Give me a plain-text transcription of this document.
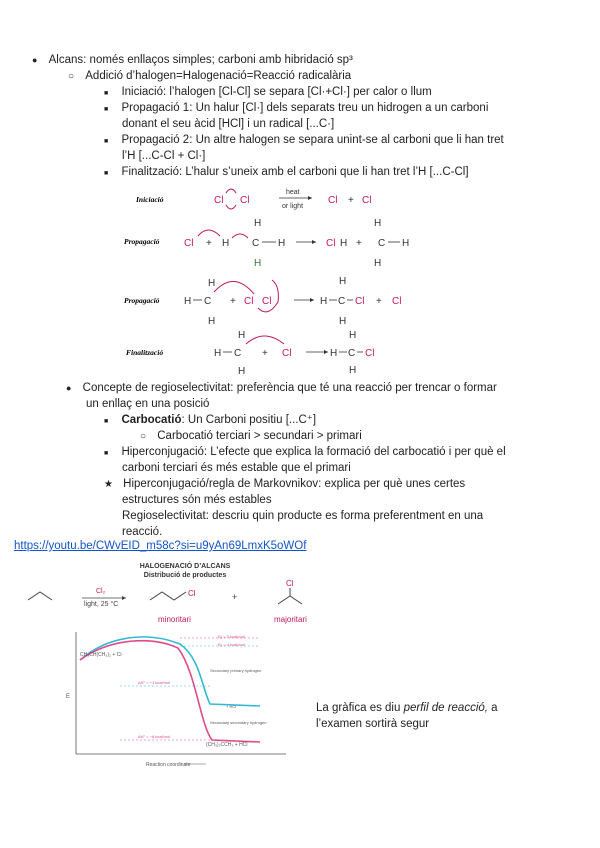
● Alcans: només enllaços simples; carboni amb hibridació sp³
○ Addició d’halogen=Halogenació=Reacció radicalària
■ Iniciació: l’halogen [Cl-Cl] se separa [Cl·+Cl·] per calor o llum
■ Propagació 1: Un halur [Cl·] dels separats treu un hidrogen a un carboni
donant el seu àcid [HCl] i un radical [...C·]
■ Propagació 2: Un altre halogen se separa unint-se al carboni que li han tret
l’H [...C-Cl + Cl·]
■ Finalització: L’halur s’uneix amb el carboni que li han tret l’H [...C-Cl]
Iniciació
Propagació
Propagació
Finalització
Cl Cl
heat
or light
Cl + Cl
Cl + H C
H
H
H	Cl H + C
H
H
H
H C
H
H
+ Cl Cl	H C
H
H
Cl + Cl
H C
H
H
+ Cl	H C
H
H
Cl
● Concepte de regioselectivitat: preferència que té una reacció per trencar o formar
un enllaç en una posició
■ Carbocatió: Un Carboni positiu [...C⁺]
○ Carbocatió terciari > secundari > primari
■ Hiperconjugació: L’efecte que explica la formació del carbocatió i per què el
carboni terciari és més estable que el primari
★ Hiperconjugació/regla de Markovnikov: explica per què unes certes
estructures són més estables
Regioselectivitat: descriu quin producte es forma preferentment en una
reacció.
https://youtu.be/CWvEID_m58c?si=u9yAn69LmxK5oWOf
HALOGENACIÓ D’ALCANS
Distribució de productes
Cl₂
light, 25 °C
Cl	+
Cl
minoritari	majoritari
E
Reaction coordinate
CH₃CH(CH₃)₂ + Cl·
Eₐ = 3 kcal/mol
Eₐ = 4 kcal/mol
Secondary primary hydrogen
Secondary secondary hydrogen
ΔH° = +1 kcal/mol
ΔH° = −8 kcal/mol
+ HCl
(CH₃)₂CCH₃ + HCl
La gràfica es diu perfil de reacció, a
l’examen sortirà segur
